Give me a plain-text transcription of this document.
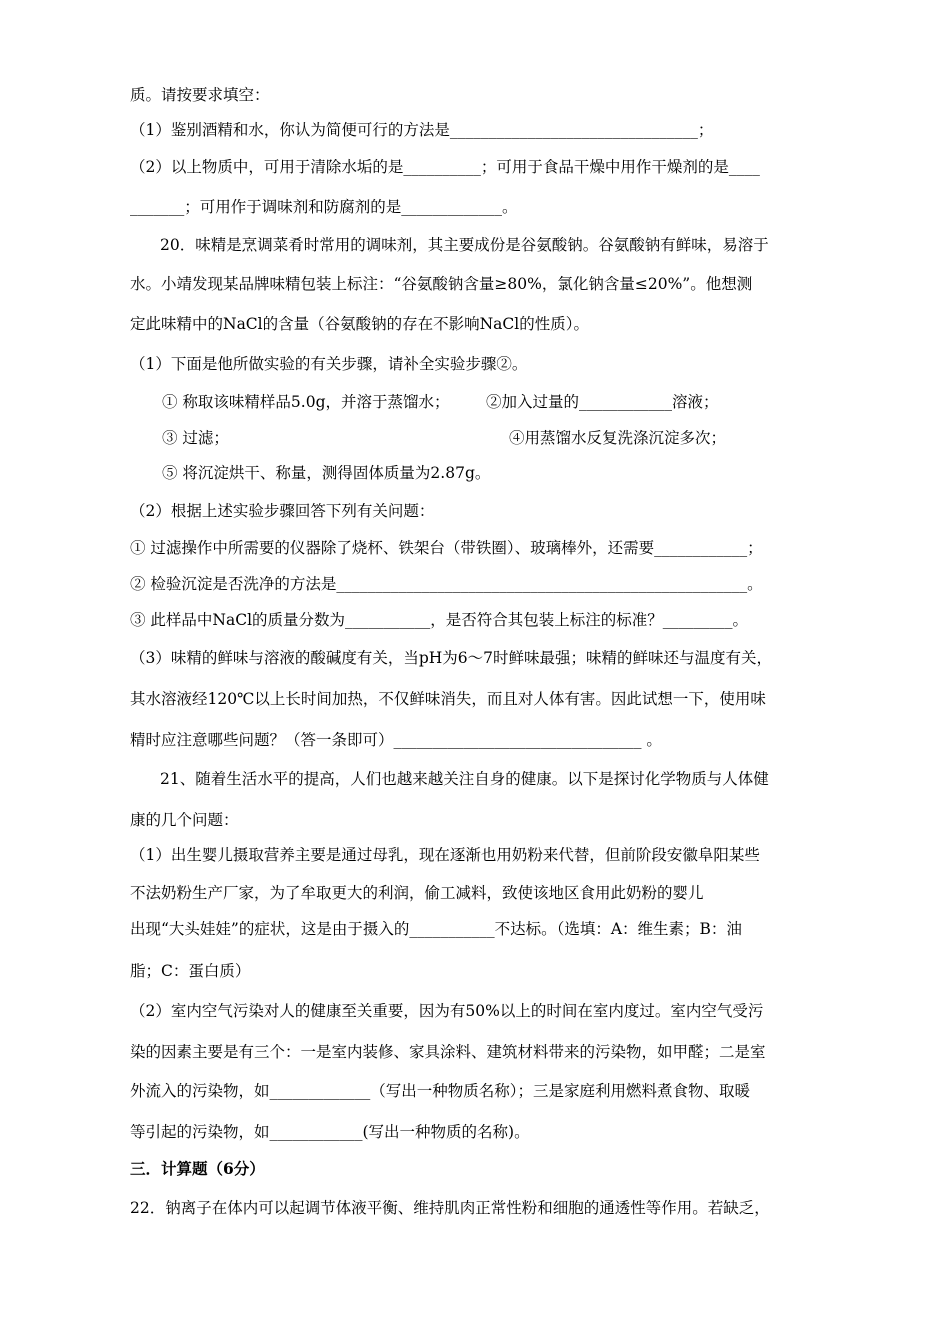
质。请按要求填空：
（1）鉴别酒精和水，你认为简便可行的方法是________________________________；
（2）以上物质中，可用于清除水垢的是__________；可用于食品干燥中用作干燥剂的是____
_______；可用作于调味剂和防腐剂的是_____________。
20．味精是烹调菜肴时常用的调味剂，其主要成份是谷氨酸钠。谷氨酸钠有鲜味，易溶于
水。小靖发现某品牌味精包装上标注：“谷氨酸钠含量≥80%，氯化钠含量≤20%”。他想测
定此味精中的NaCl的含量（谷氨酸钠的存在不影响NaCl的性质）。
（1）下面是他所做实验的有关步骤，请补全实验步骤②。
① 称取该味精样品5.0g，并溶于蒸馏水； ②加入过量的____________溶液；
③ 过滤；	④用蒸馏水反复洗涤沉淀多次；
⑤ 将沉淀烘干、称量，测得固体质量为2.87g。
（2）根据上述实验步骤回答下列有关问题：
① 过滤操作中所需要的仪器除了烧杯、铁架台（带铁圈）、玻璃棒外，还需要____________；
② 检验沉淀是否洗净的方法是_____________________________________________________。
③ 此样品中NaCl的质量分数为___________，是否符合其包装上标注的标准？_________。
（3）味精的鲜味与溶液的酸碱度有关，当pH为6～7时鲜味最强；味精的鲜味还与温度有关，
其水溶液经120℃以上长时间加热，不仅鲜味消失，而且对人体有害。因此试想一下，使用味
精时应注意哪些问题？（答一条即可）________________________________ 。
21、随着生活水平的提高，人们也越来越关注自身的健康。以下是探讨化学物质与人体健
康的几个问题：
（1）出生婴儿摄取营养主要是通过母乳，现在逐渐也用奶粉来代替，但前阶段安徽阜阳某些
不法奶粉生产厂家，为了牟取更大的利润，偷工减料，致使该地区食用此奶粉的婴儿
出现“大头娃娃”的症状，这是由于摄入的___________不达标。（选填：A：维生素；B：油
脂；C：蛋白质）
（2）室内空气污染对人的健康至关重要，因为有50%以上的时间在室内度过。室内空气受污
染的因素主要是有三个：一是室内装修、家具涂料、建筑材料带来的污染物，如甲醛；二是室
外流入的污染物，如_____________（写出一种物质名称）；三是家庭利用燃料煮食物、取暖
等引起的污染物，如____________(写出一种物质的名称)。
三．计算题（6分）
22．钠离子在体内可以起调节体液平衡、维持肌肉正常性粉和细胞的通透性等作用。若缺乏，
